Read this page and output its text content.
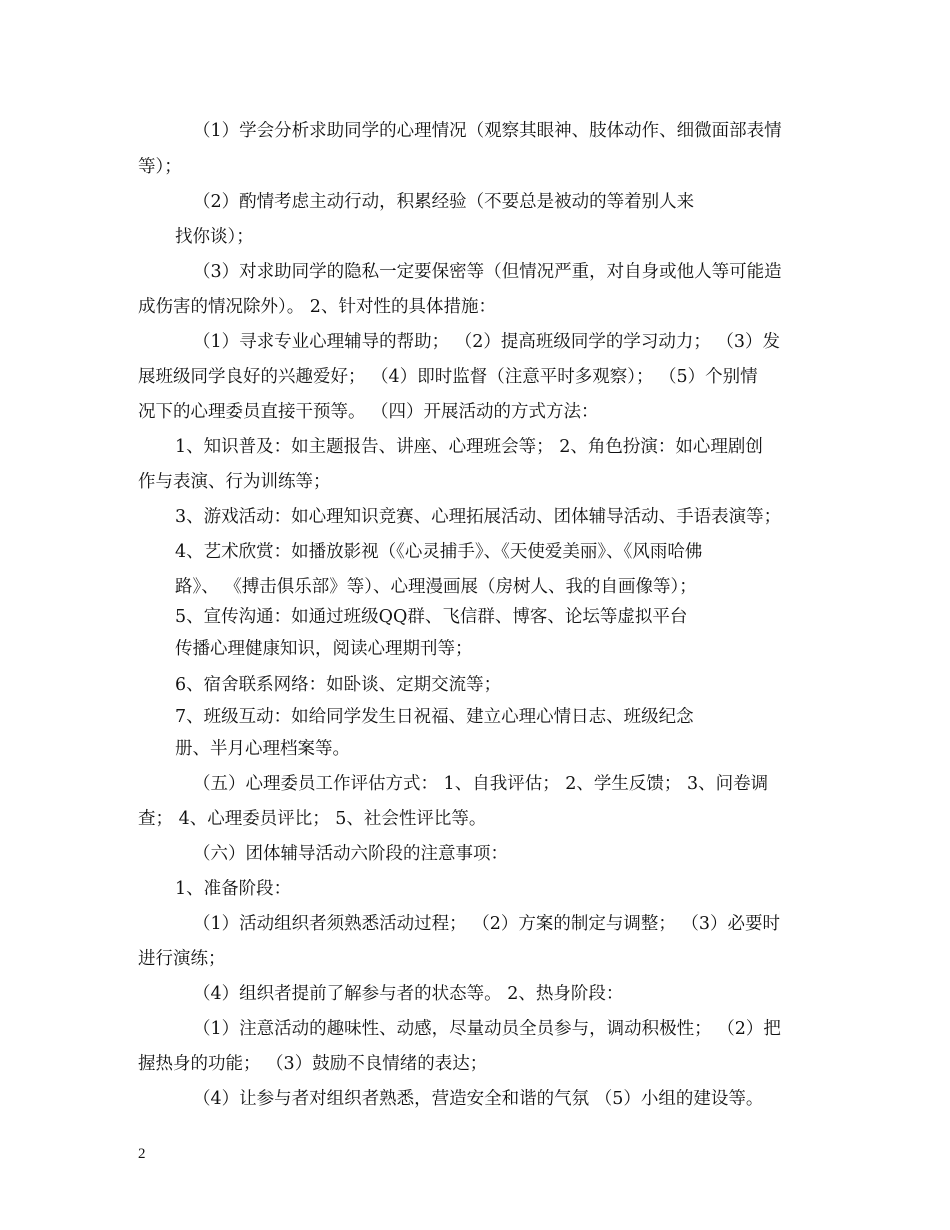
（1）学会分析求助同学的心理情况（观察其眼神、肢体动作、细微面部表情
等）；
（2）酌情考虑主动行动，积累经验（不要总是被动的等着别人来
找你谈）；
（3）对求助同学的隐私一定要保密等（但情况严重，对自身或他人等可能造
成伤害的情况除外）。 2、针对性的具体措施：
（1）寻求专业心理辅导的帮助； （2）提高班级同学的学习动力； （3）发
展班级同学良好的兴趣爱好； （4）即时监督（注意平时多观察）； （5）个别情
况下的心理委员直接干预等。 （四）开展活动的方式方法：
1、知识普及：如主题报告、讲座、心理班会等； 2、角色扮演：如心理剧创
作与表演、行为训练等；
3、游戏活动：如心理知识竞赛、心理拓展活动、团体辅导活动、手语表演等；
4、艺术欣赏：如播放影视（《心灵捕手》、《天使爱美丽》、《风雨哈佛
路》、 《搏击俱乐部》等）、心理漫画展（房树人、我的自画像等）；
5、宣传沟通：如通过班级QQ群、飞信群、博客、论坛等虚拟平台
传播心理健康知识，阅读心理期刊等；
6、宿舍联系网络：如卧谈、定期交流等；
7、班级互动：如给同学发生日祝福、建立心理心情日志、班级纪念
册、半月心理档案等。
（五）心理委员工作评估方式： 1、自我评估； 2、学生反馈； 3、问卷调
查； 4、心理委员评比； 5、社会性评比等。
（六）团体辅导活动六阶段的注意事项：
1、准备阶段：
（1）活动组织者须熟悉活动过程； （2）方案的制定与调整； （3）必要时
进行演练；
（4）组织者提前了解参与者的状态等。 2、热身阶段：
（1）注意活动的趣味性、动感，尽量动员全员参与，调动积极性； （2）把
握热身的功能； （3）鼓励不良情绪的表达；
（4）让参与者对组织者熟悉，营造安全和谐的气氛 （5）小组的建设等。
2
